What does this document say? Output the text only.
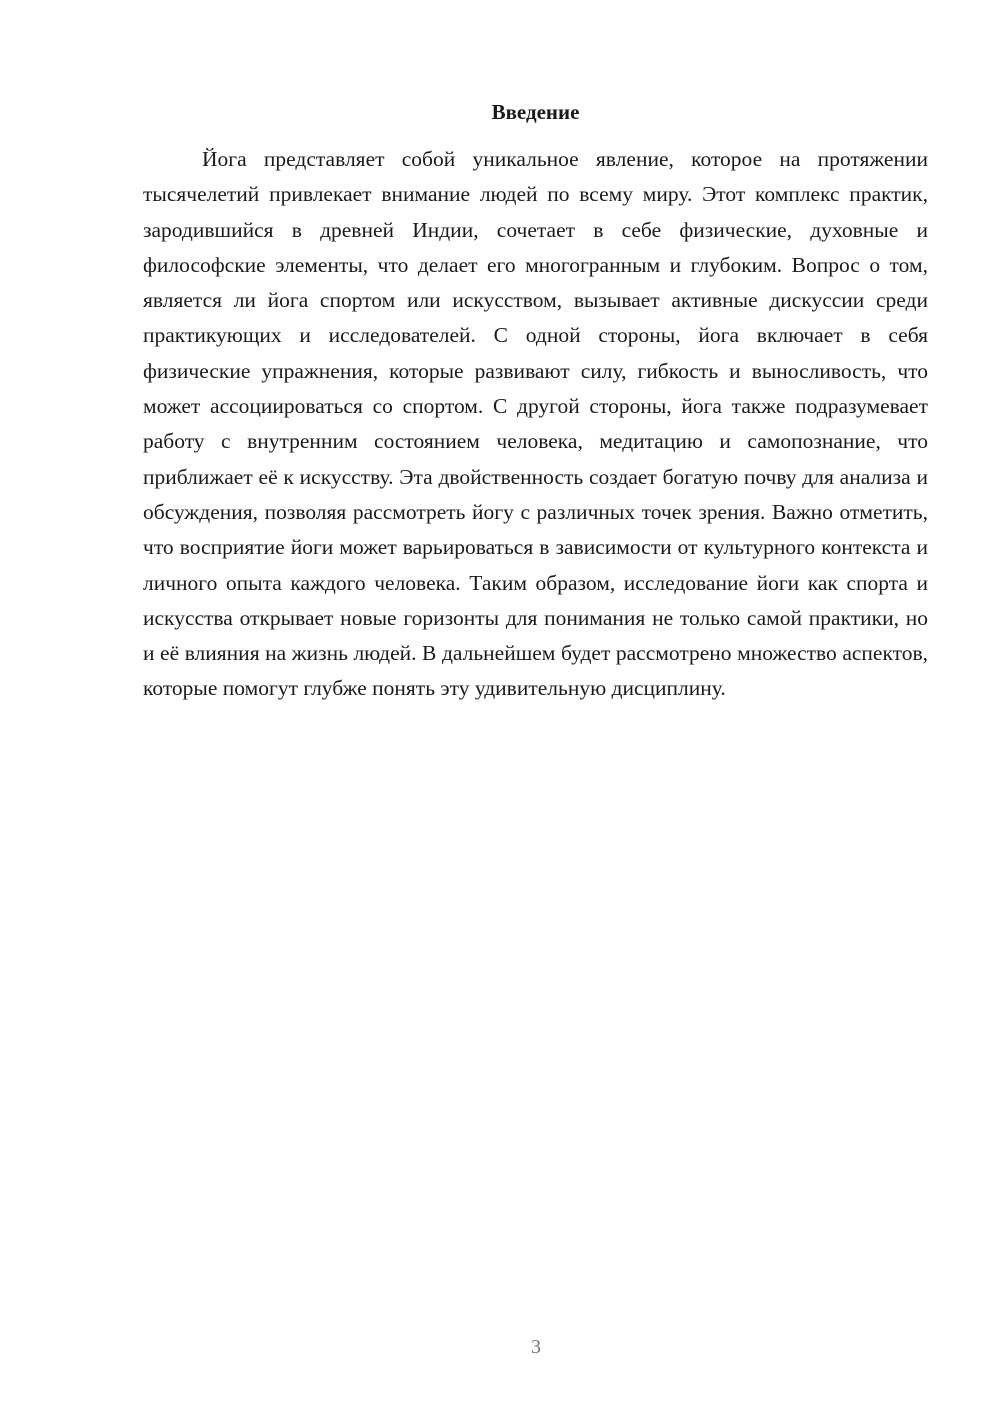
Введение

Йога представляет собой уникальное явление, которое на протяжении тысячелетий привлекает внимание людей по всему миру. Этот комплекс практик, зародившийся в древней Индии, сочетает в себе физические, духовные и философские элементы, что делает его многогранным и глубоким. Вопрос о том, является ли йога спортом или искусством, вызывает активные дискуссии среди практикующих и исследователей. С одной стороны, йога включает в себя физические упражнения, которые развивают силу, гибкость и выносливость, что может ассоциироваться со спортом. С другой стороны, йога также подразумевает работу с внутренним состоянием человека, медитацию и самопознание, что приближает её к искусству. Эта двойственность создает богатую почву для анализа и обсуждения, позволяя рассмотреть йогу с различных точек зрения. Важно отметить, что восприятие йоги может варьироваться в зависимости от культурного контекста и личного опыта каждого человека. Таким образом, исследование йоги как спорта и искусства открывает новые горизонты для понимания не только самой практики, но и её влияния на жизнь людей. В дальнейшем будет рассмотрено множество аспектов, которые помогут глубже понять эту удивительную дисциплину.

3
